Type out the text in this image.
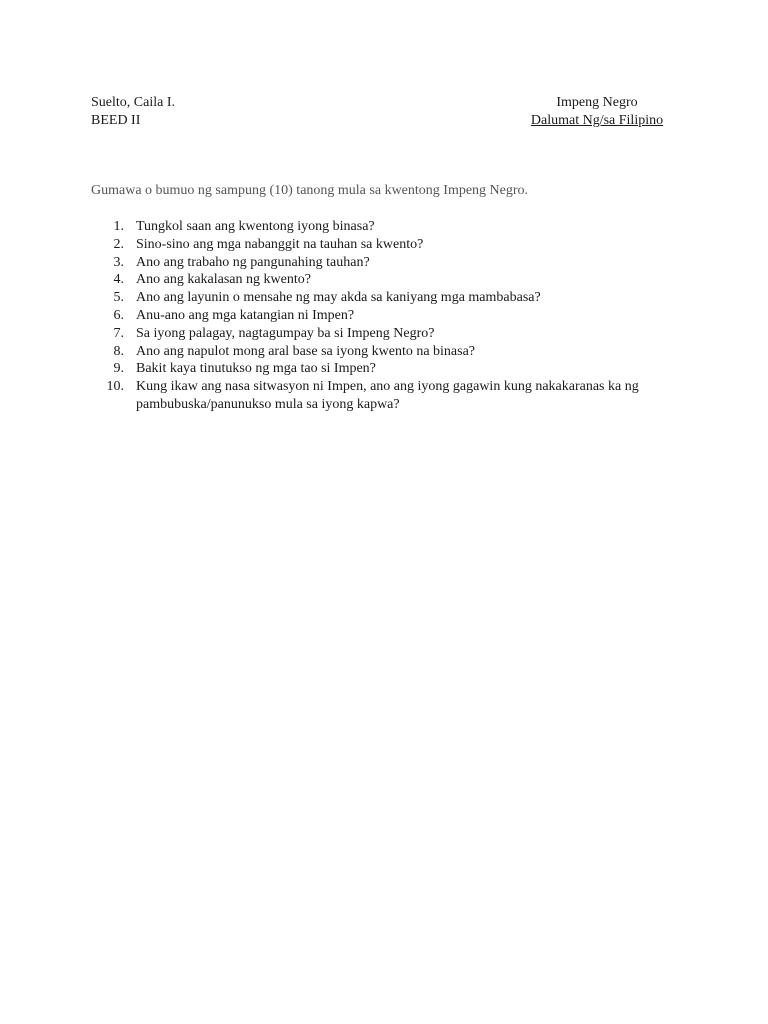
Suelto, Caila I.
BEED II
Impeng Negro
Dalumat Ng/sa Filipino
Gumawa o bumuo ng sampung (10) tanong mula sa kwentong Impeng Negro.
1. Tungkol saan ang kwentong iyong binasa?
2. Sino-sino ang mga nabanggit na tauhan sa kwento?
3. Ano ang trabaho ng pangunahing tauhan?
4. Ano ang kakalasan ng kwento?
5. Ano ang layunin o mensahe ng may akda sa kaniyang mga mambabasa?
6. Anu-ano ang mga katangian ni Impen?
7. Sa iyong palagay, nagtagumpay ba si Impeng Negro?
8. Ano ang napulot mong aral base sa iyong kwento na binasa?
9. Bakit kaya tinutukso ng mga tao si Impen?
10. Kung ikaw ang nasa sitwasyon ni Impen, ano ang iyong gagawin kung nakakaranas ka ng pambubuska/panunukso mula sa iyong kapwa?
